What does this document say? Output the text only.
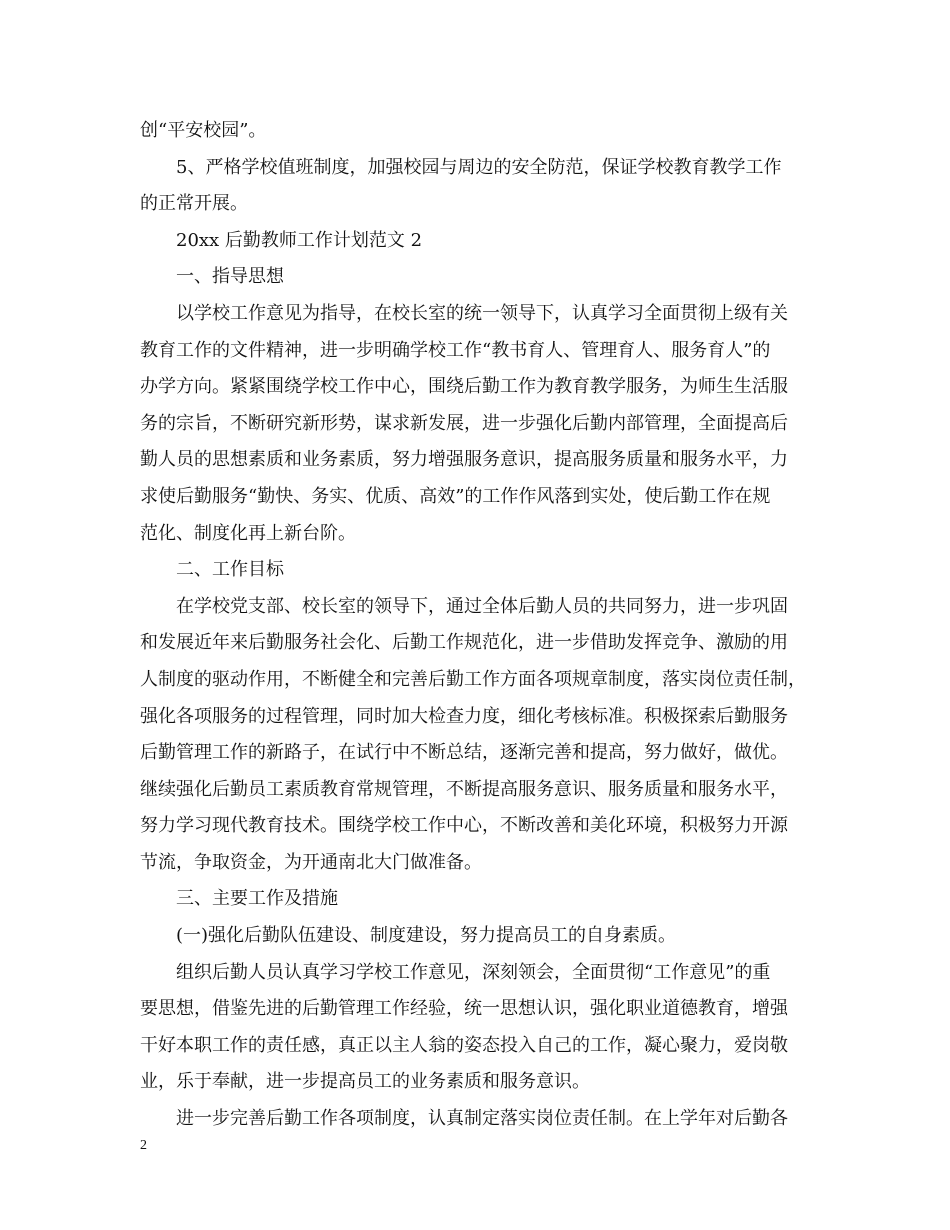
创“平安校园”。
5、严格学校值班制度，加强校园与周边的安全防范，保证学校教育教学工作
的正常开展。
20xx 后勤教师工作计划范文 2
一、指导思想
以学校工作意见为指导，在校长室的统一领导下，认真学习全面贯彻上级有关
教育工作的文件精神，进一步明确学校工作“教书育人、管理育人、服务育人”的
办学方向。紧紧围绕学校工作中心，围绕后勤工作为教育教学服务，为师生生活服
务的宗旨，不断研究新形势，谋求新发展，进一步强化后勤内部管理，全面提高后
勤人员的思想素质和业务素质，努力增强服务意识，提高服务质量和服务水平，力
求使后勤服务“勤快、务实、优质、高效”的工作作风落到实处，使后勤工作在规
范化、制度化再上新台阶。
二、工作目标
在学校党支部、校长室的领导下，通过全体后勤人员的共同努力，进一步巩固
和发展近年来后勤服务社会化、后勤工作规范化，进一步借助发挥竞争、激励的用
人制度的驱动作用，不断健全和完善后勤工作方面各项规章制度，落实岗位责任制，
强化各项服务的过程管理，同时加大检查力度，细化考核标准。积极探索后勤服务
后勤管理工作的新路子，在试行中不断总结，逐渐完善和提高，努力做好，做优。
继续强化后勤员工素质教育常规管理，不断提高服务意识、服务质量和服务水平，
努力学习现代教育技术。围绕学校工作中心，不断改善和美化环境，积极努力开源
节流，争取资金，为开通南北大门做准备。
三、主要工作及措施
(一)强化后勤队伍建设、制度建设，努力提高员工的自身素质。
组织后勤人员认真学习学校工作意见，深刻领会，全面贯彻“工作意见”的重
要思想，借鉴先进的后勤管理工作经验，统一思想认识，强化职业道德教育，增强
干好本职工作的责任感，真正以主人翁的姿态投入自己的工作，凝心聚力，爱岗敬
业，乐于奉献，进一步提高员工的业务素质和服务意识。
进一步完善后勤工作各项制度，认真制定落实岗位责任制。在上学年对后勤各
2
